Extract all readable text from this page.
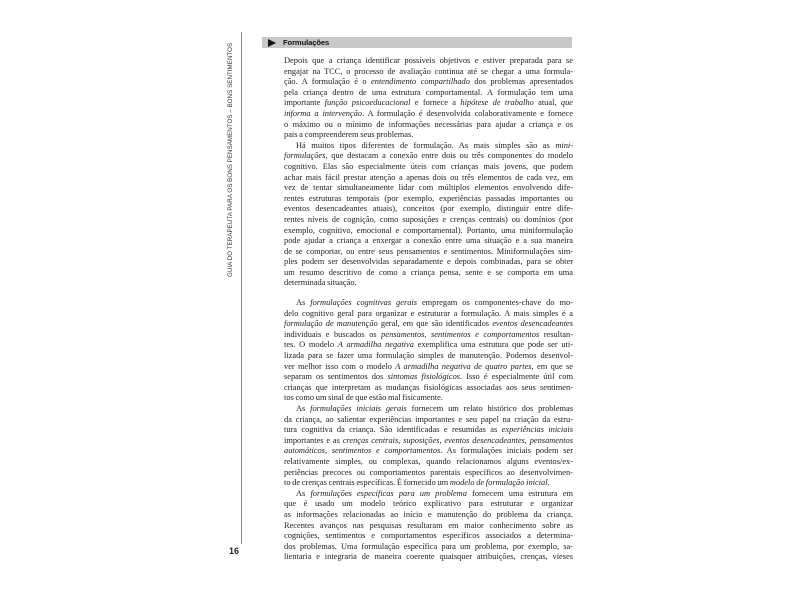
GUIA DO TERAPEUTA PARA OS BONS PENSAMENTOS – BONS SENTIMENTOS
16
Formulações
Depois que a criança identificar possíveis objetivos e estiver preparada para se
engajar na TCC, o processo de avaliação continua até se chegar a uma formula-
ção. A formulação é o entendimento compartilhado dos problemas apresentados
pela criança dentro de uma estrutura comportamental. A formulação tem uma
importante função psicoeducacional e fornece a hipótese de trabalho atual, que
informa a intervenção. A formulação é desenvolvida colaborativamente e fornece
o máximo ou o mínimo de informações necessárias para ajudar a criança e os
pais a compreenderem seus problemas.
Há muitos tipos diferentes de formulação. As mais simples são as mini-
formulações, que destacam a conexão entre dois ou três componentes do modelo
cognitivo. Elas são especialmente úteis com crianças mais jovens, que podem
achar mais fácil prestar atenção a apenas dois ou três elementos de cada vez, em
vez de tentar simultaneamente lidar com múltiplos elementos envolvendo dife-
rentes estruturas temporais (por exemplo, experiências passadas importantes ou
eventos desencadeantes atuais), conceitos (por exemplo, distinguir entre dife-
rentes níveis de cognição, como suposições e crenças centrais) ou domínios (por
exemplo, cognitivo, emocional e comportamental). Portanto, uma miniformulação
pode ajudar a criança a enxergar a conexão entre uma situação e a sua maneira
de se comportar, ou entre seus pensamentos e sentimentos. Miniformulações sim-
ples podem ser desenvolvidas separadamente e depois combinadas, para se obter
um resumo descritivo de como a criança pensa, sente e se comporta em uma
determinada situação.
As formulações cognitivas gerais empregam os componentes-chave do mo-
delo cognitivo geral para organizar e estruturar a formulação. A mais simples é a
formulação de manutenção geral, em que são identificados eventos desencadeantes
individuais e buscados os pensamentos, sentimentos e comportamentos resultan-
tes. O modelo A armadilha negativa exemplifica uma estrutura que pode ser uti-
lizada para se fazer uma formulação simples de manutenção. Podemos desenvol-
ver melhor isso com o modelo A armadilha negativa de quatro partes, em que se
separam os sentimentos dos sintomas fisiológicos. Isso é especialmente útil com
crianças que interpretam as mudanças fisiológicas associadas aos seus sentimen-
tos como um sinal de que estão mal fisicamente.
As formulações iniciais gerais fornecem um relato histórico dos problemas
da criança, ao salientar experiências importantes e seu papel na criação da estru-
tura cognitiva da criança. São identificadas e resumidas as experiências iniciais
importantes e as crenças centrais, suposições, eventos desencadeantes, pensamentos
automáticos, sentimentos e comportamentos. As formulações iniciais podem ser
relativamente simples, ou complexas, quando relacionamos alguns eventos/ex-
periências precoces ou comportamentos parentais específicos ao desenvolvimen-
to de crenças centrais específicas. É fornecido um modelo de formulação inicial.
As formulações específicas para um problema fornecem uma estrutura em
que é usado um modelo teórico explicativo para estruturar e organizar
as informações relacionadas ao início e manutenção do problema da criança.
Recentes avanços nas pesquisas resultaram em maior conhecimento sobre as
cognições, sentimentos e comportamentos específicos associados a determina-
dos problemas. Uma formulação específica para um problema, por exemplo, sa-
lientaria e integraria de maneira coerente quaisquer atribuições, crenças, vieses
